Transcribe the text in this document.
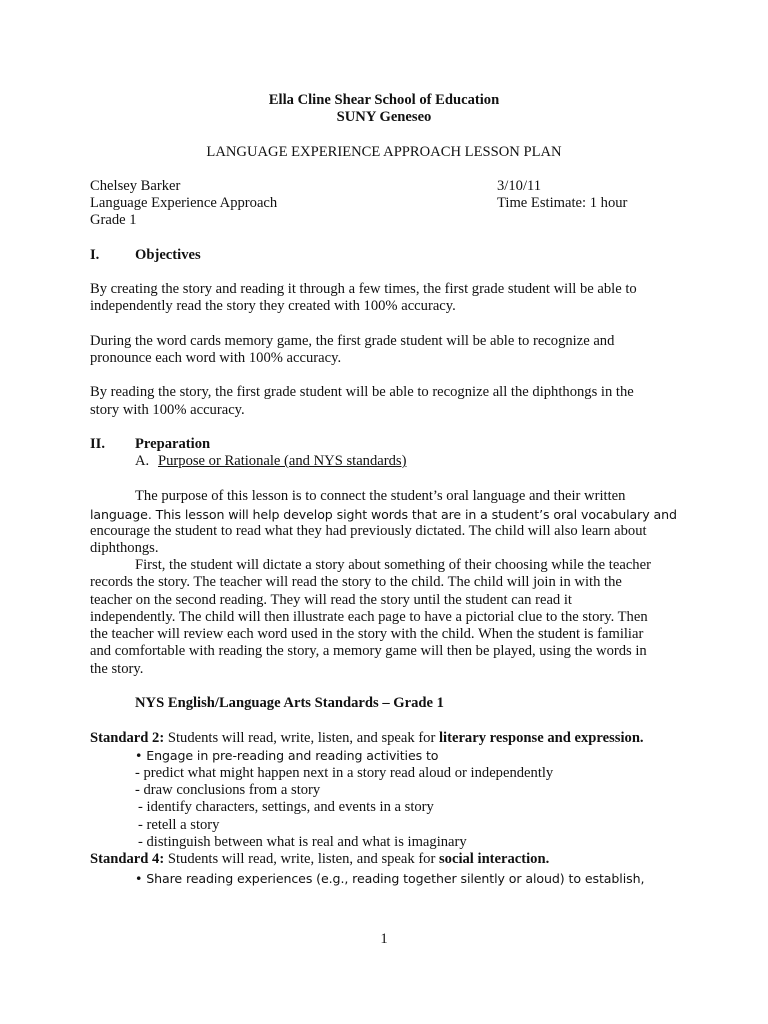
Ella Cline Shear School of Education
SUNY Geneseo
LANGUAGE EXPERIENCE APPROACH LESSON PLAN
Chelsey Barker	3/10/11
Language Experience Approach	Time Estimate: 1 hour
Grade 1
I. Objectives
By creating the story and reading it through a few times, the first grade student will be able to
independently read the story they created with 100% accuracy.
During the word cards memory game, the first grade student will be able to recognize and
pronounce each word with 100% accuracy.
By reading the story, the first grade student will be able to recognize all the diphthongs in the
story with 100% accuracy.
II. Preparation
A. Purpose or Rationale (and NYS standards)
The purpose of this lesson is to connect the student’s oral language and their written
language. This lesson will help develop sight words that are in a student’s oral vocabulary and
encourage the student to read what they had previously dictated. The child will also learn about
diphthongs.
First, the student will dictate a story about something of their choosing while the teacher
records the story. The teacher will read the story to the child. The child will join in with the
teacher on the second reading. They will read the story until the student can read it
independently. The child will then illustrate each page to have a pictorial clue to the story. Then
the teacher will review each word used in the story with the child. When the student is familiar
and comfortable with reading the story, a memory game will then be played, using the words in
the story.
NYS English/Language Arts Standards – Grade 1
Standard 2: Students will read, write, listen, and speak for literary response and expression.
• Engage in pre-reading and reading activities to
- predict what might happen next in a story read aloud or independently
- draw conclusions from a story
- identify characters, settings, and events in a story
- retell a story
- distinguish between what is real and what is imaginary
Standard 4: Students will read, write, listen, and speak for social interaction.
• Share reading experiences (e.g., reading together silently or aloud) to establish,
1
